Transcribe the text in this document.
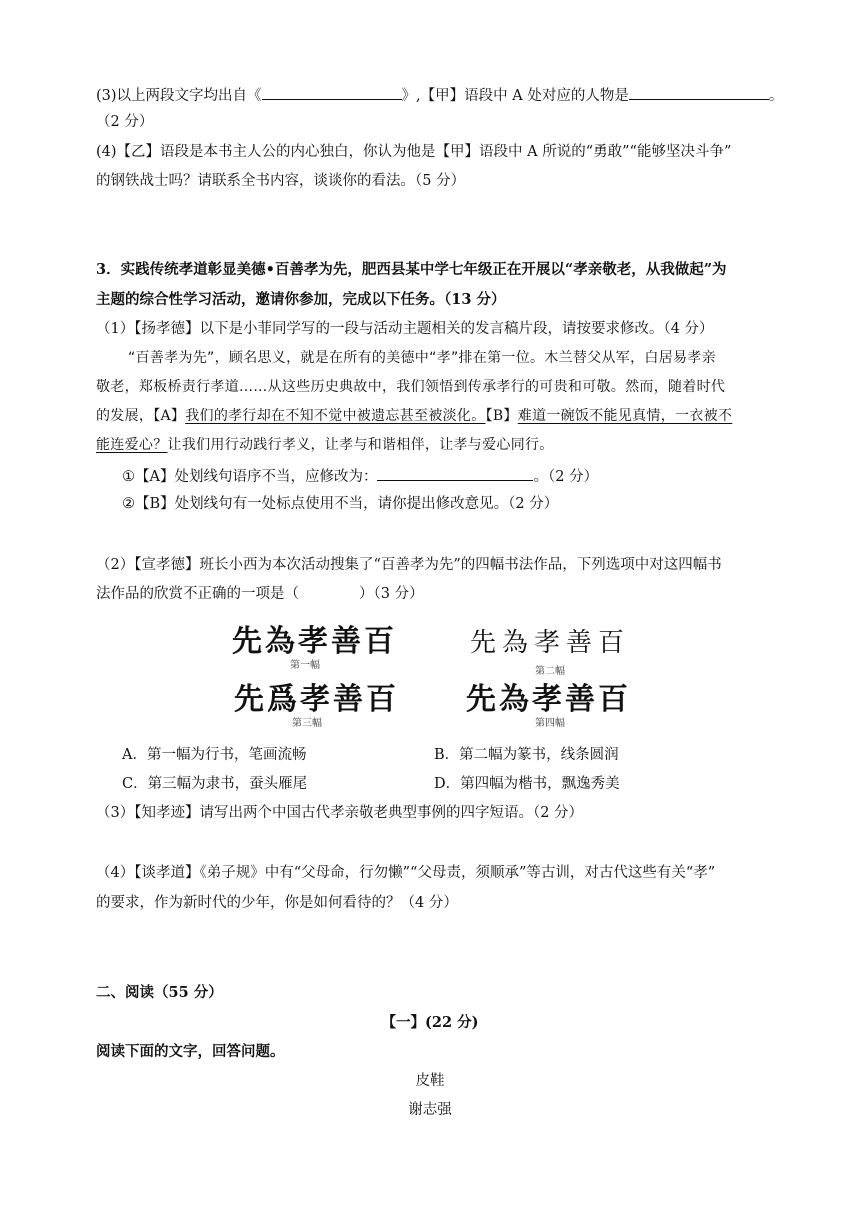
(3)以上两段文字均出自《	》,【甲】语段中 A 处对应的人物是	。
（2 分）
(4)【乙】语段是本书主人公的内心独白，你认为他是【甲】语段中 A 所说的“勇敢”“能够坚决斗争”
的钢铁战士吗？请联系全书内容，谈谈你的看法。（5 分）
3．实践传统孝道彰显美德•百善孝为先，肥西县某中学七年级正在开展以“孝亲敬老，从我做起”为
主题的综合性学习活动，邀请你参加，完成以下任务。（13 分）
（1）【扬孝德】以下是小菲同学写的一段与活动主题相关的发言稿片段，请按要求修改。（4 分）
“百善孝为先”，顾名思义，就是在所有的美德中“孝”排在第一位。木兰替父从军，白居易孝亲
敬老，郑板桥责行孝道……从这些历史典故中，我们领悟到传承孝行的可贵和可敬。然而，随着时代
的发展，【A】我们的孝行却在不知不觉中被遗忘甚至被淡化。【B】难道一碗饭不能见真情，一衣被不
能连爱心？让我们用行动践行孝义，让孝与和谐相伴，让孝与爱心同行。
①【A】处划线句语序不当，应修改为：	。（2 分）
②【B】处划线句有一处标点使用不当，请你提出修改意见。（2 分）
（2）【宣孝德】班长小西为本次活动搜集了“百善孝为先”的四幅书法作品，下列选项中对这四幅书
法作品的欣赏不正确的一项是（	）（3 分）
先為孝善百
第一幅
先為孝善百
第二幅
先爲孝善百
第三幅
先為孝善百
第四幅
A．第一幅为行书，笔画流畅	B．第二幅为篆书，线条圆润
C．第三幅为隶书，蚕头雁尾	D．第四幅为楷书，飘逸秀美
（3）【知孝迹】请写出两个中国古代孝亲敬老典型事例的四字短语。（2 分）
（4）【谈孝道】《弟子规》中有“父母命，行勿懒”“父母责，须顺承”等古训，对古代这些有关“孝”
的要求，作为新时代的少年，你是如何看待的？（4 分）
二、阅读（55 分）
【一】(22 分)
阅读下面的文字，回答问题。
皮鞋
谢志强
